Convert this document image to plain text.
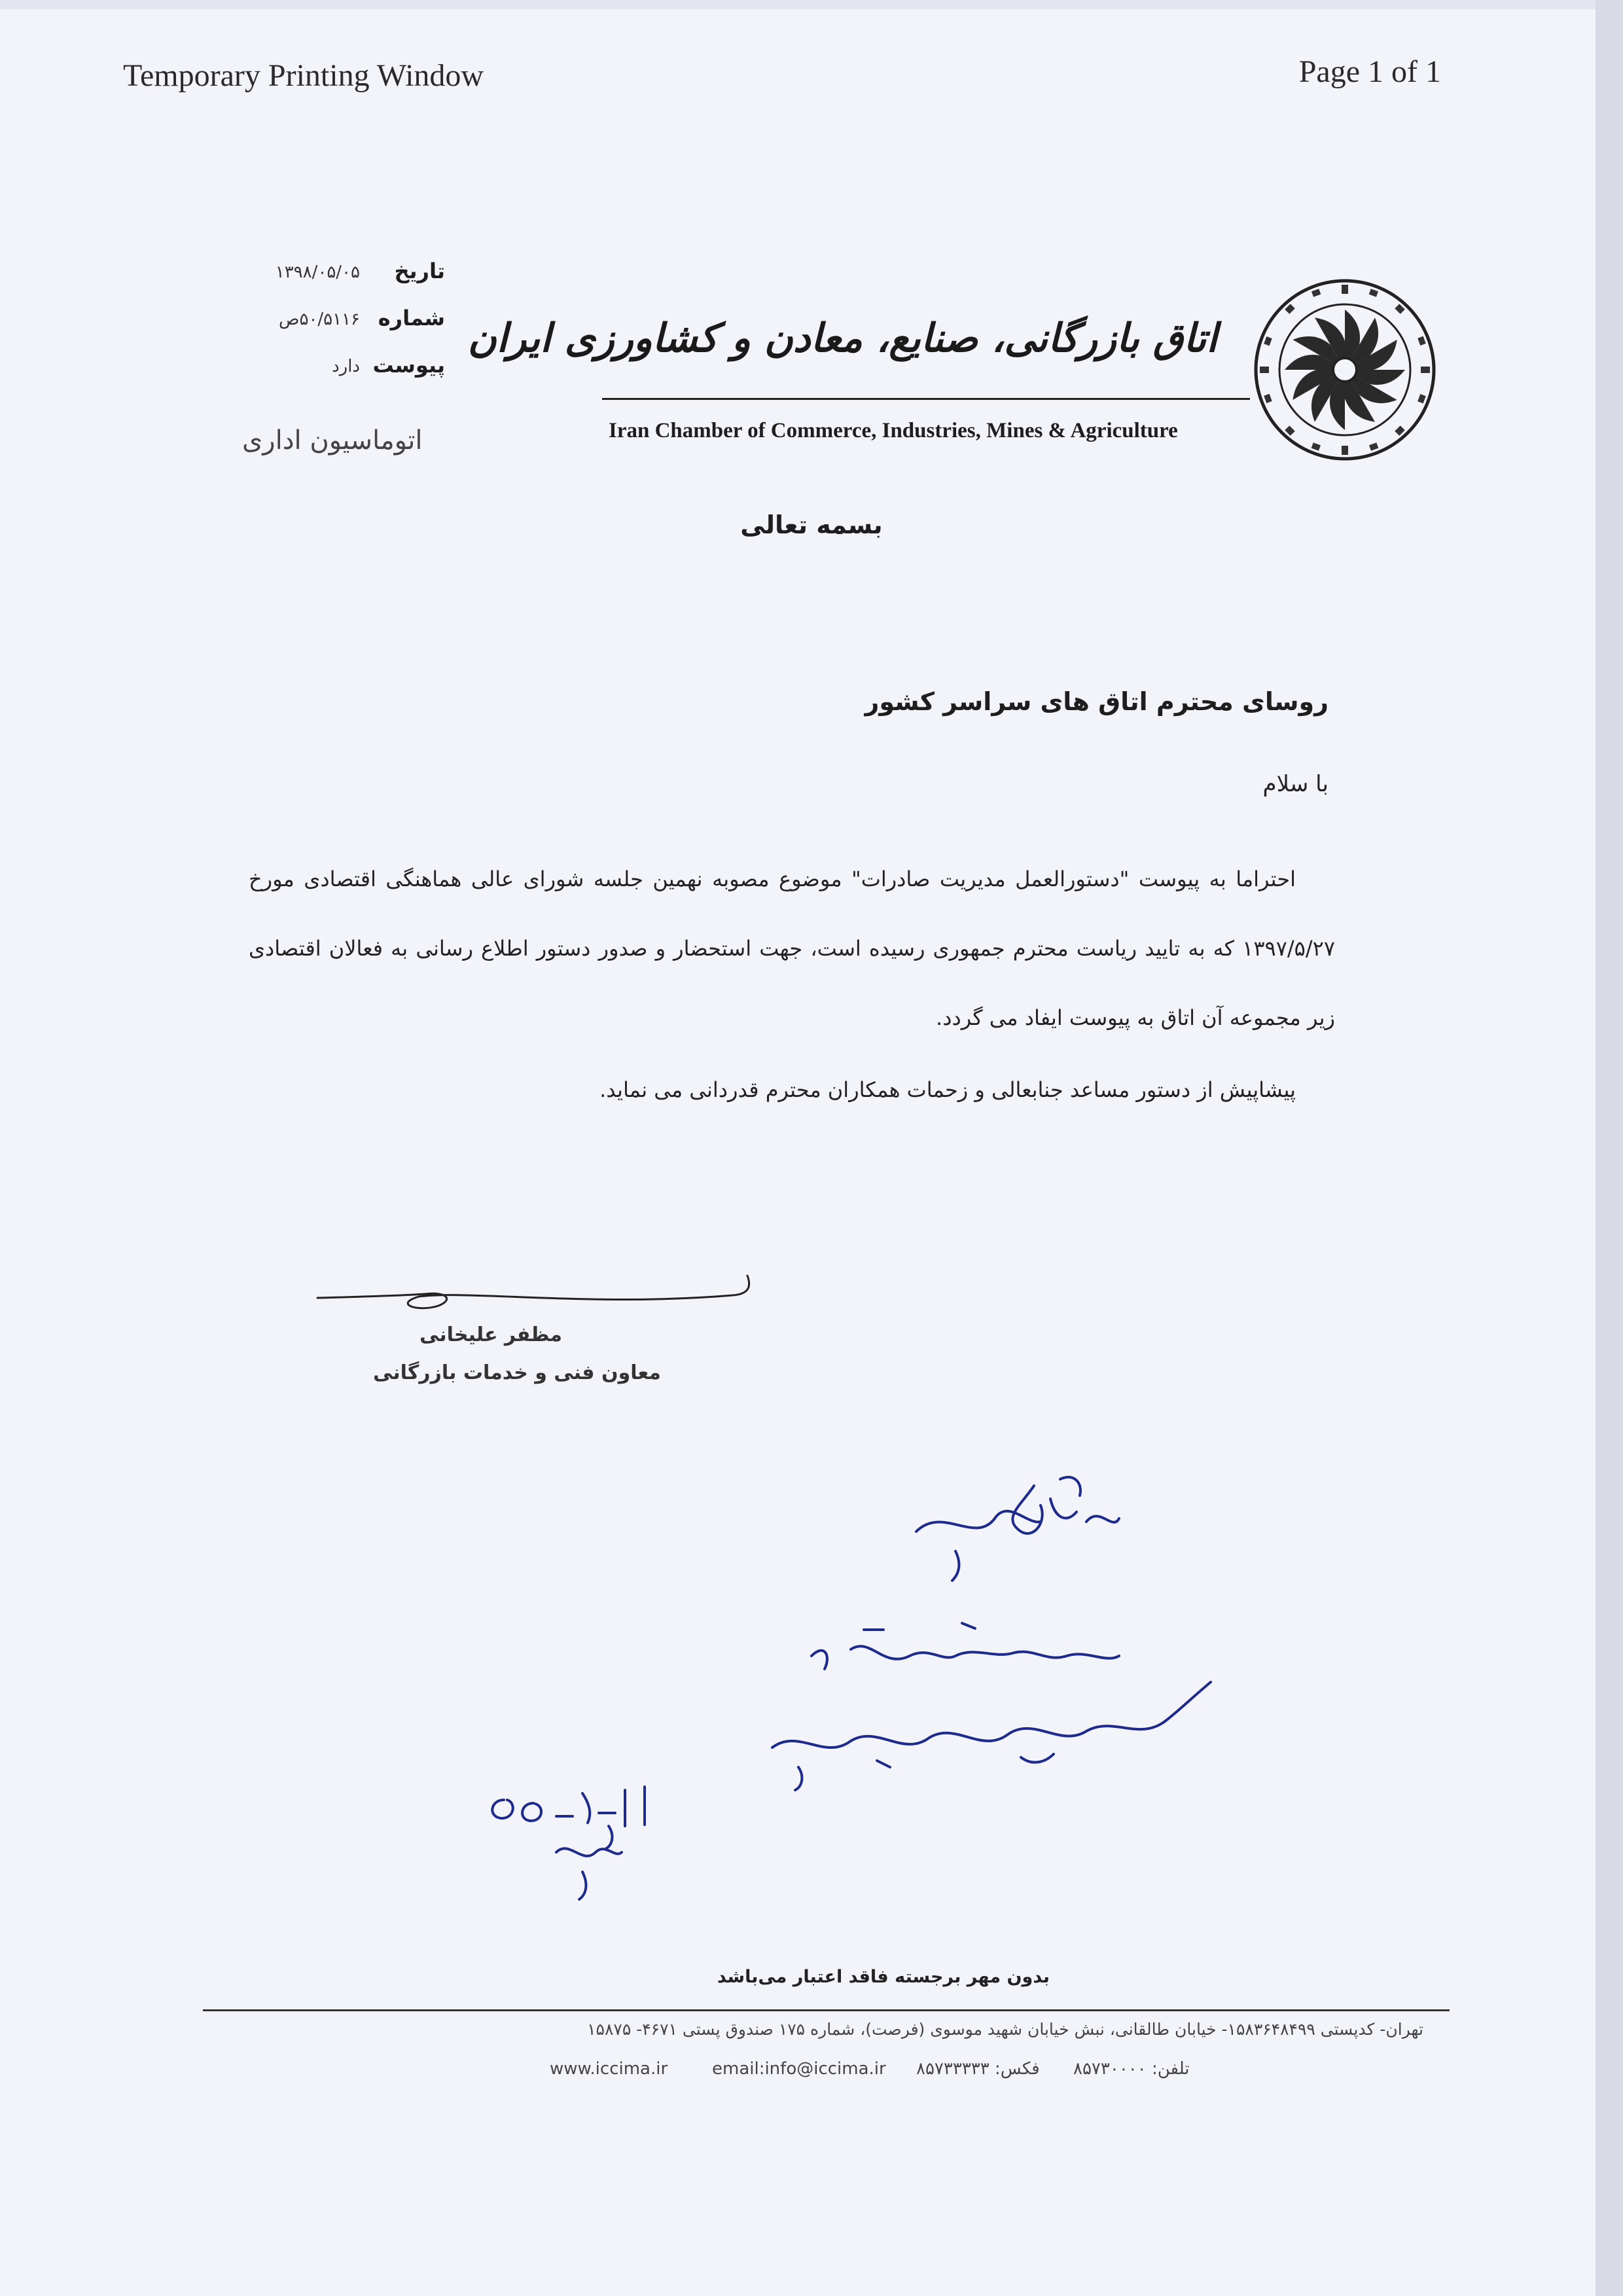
Temporary Printing Window	Page 1 of 1
تاریخ
۱۳۹۸/۰۵/۰۵
شماره
۵۰/۵۱۱۶ص
پیوست
دارد
اتوماسیون اداری
اتاق بازرگانی، صنایع، معادن و کشاورزی ایران
Iran Chamber of Commerce, Industries, Mines & Agriculture
بسمه تعالی
روسای محترم اتاق های سراسر کشور
با سلام

احتراما به پیوست "دستورالعمل مدیریت صادرات" موضوع مصوبه نهمین جلسه شورای عالی هماهنگی اقتصادی مورخ ۱۳۹۷/۵/۲۷ که به تایید ریاست محترم جمهوری رسیده است، جهت استحضار و صدور دستور اطلاع رسانی به فعالان اقتصادی زیر مجموعه آن اتاق به پیوست ایفاد می گردد.

پیشاپیش از دستور مساعد جنابعالی و زحمات همکاران محترم قدردانی می نماید.

مظفر علیخانی
معاون فنی و خدمات بازرگانی
بدون مهر برجسته فاقد اعتبار می‌باشد
تهران- کدپستی ۱۵۸۳۶۴۸۴۹۹- خیابان طالقانی، نبش خیابان شهید موسوی (فرصت)، شماره ۱۷۵ صندوق پستی ۴۶۷۱- ۱۵۸۷۵
www.iccima.ir	email:info@iccima.ir فکس: ۸۵۷۳۳۳۳۳ تلفن: ۸۵۷۳۰۰۰۰
